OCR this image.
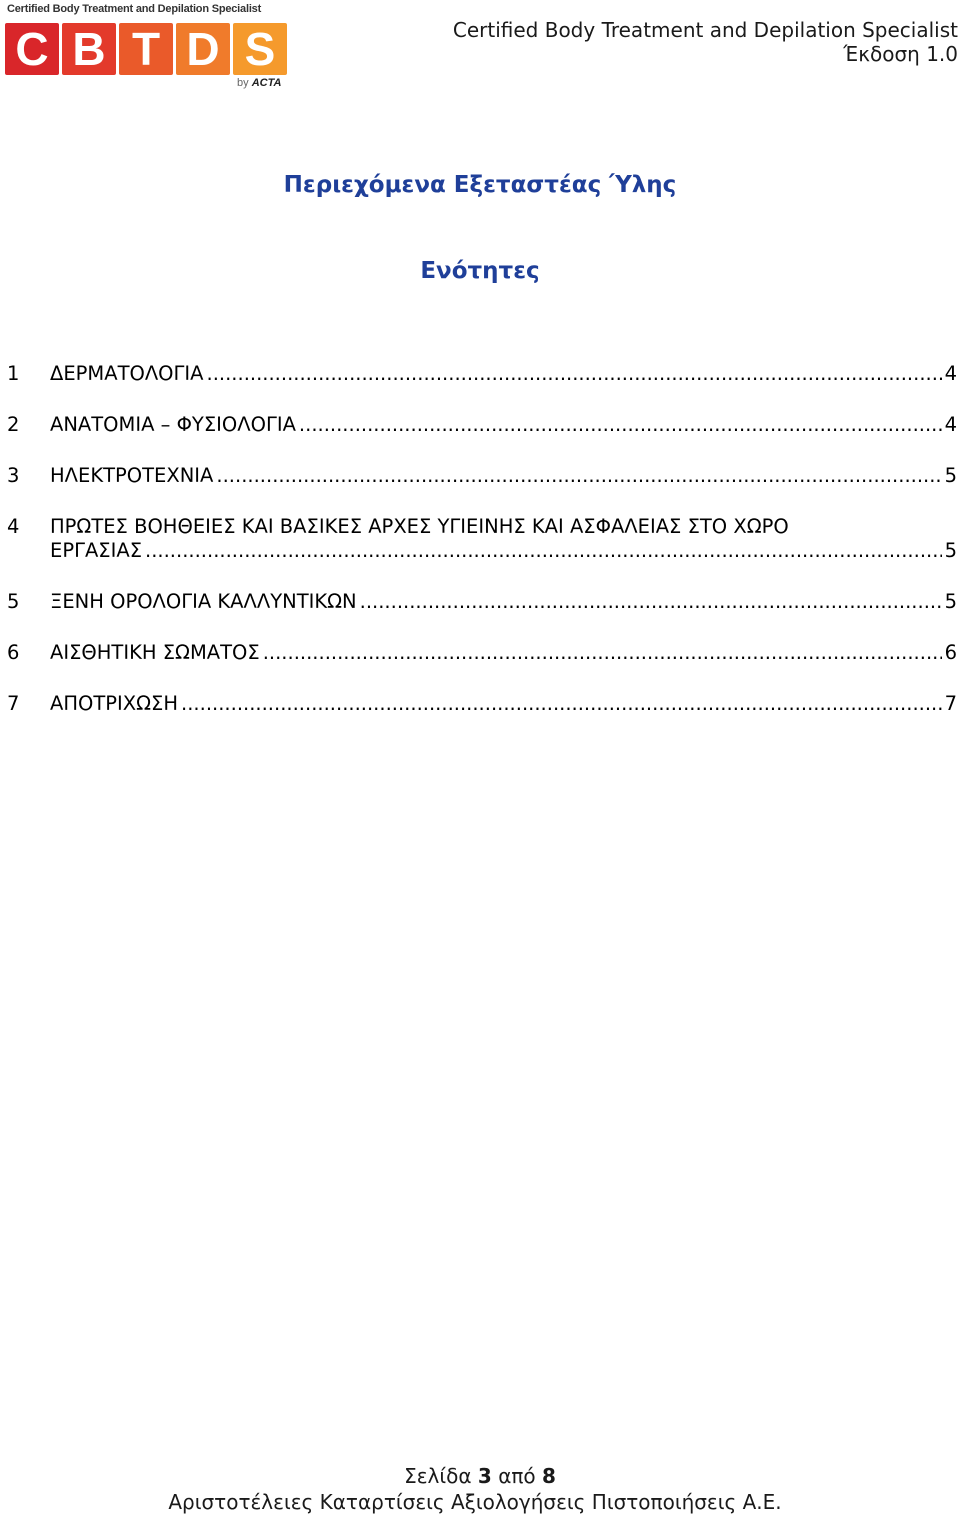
Certified Body Treatment and Depilation Specialist
C B T D S
by ACTA
Certified Body Treatment and Depilation Specialist
Έκδοση 1.0
Περιεχόμενα Εξεταστέας Ύλης
Ενότητες
1 ΔΕΡΜΑΤΟΛΟΓΙΑ .....	4
2 ΑΝΑΤΟΜΙΑ – ΦΥΣΙΟΛΟΓΙΑ .....	4
3 ΗΛΕΚΤΡΟΤΕΧΝΙΑ .....	5
4 ΠΡΩΤΕΣ ΒΟΗΘΕΙΕΣ ΚΑΙ ΒΑΣΙΚΕΣ ΑΡΧΕΣ ΥΓΙΕΙΝΗΣ ΚΑΙ ΑΣΦΑΛΕΙΑΣ ΣΤΟ ΧΩΡΟ
ΕΡΓΑΣΙΑΣ .....	5
5 ΞΕΝΗ ΟΡΟΛΟΓΙΑ ΚΑΛΛΥΝΤΙΚΩΝ .....	5
6 ΑΙΣΘΗΤΙΚΗ ΣΩΜΑΤΟΣ .....	6
7 ΑΠΟΤΡΙΧΩΣΗ .....	7
Σελίδα 3 από 8
Αριστοτέλειες Καταρτίσεις Αξιολογήσεις Πιστοποιήσεις Α.Ε.
